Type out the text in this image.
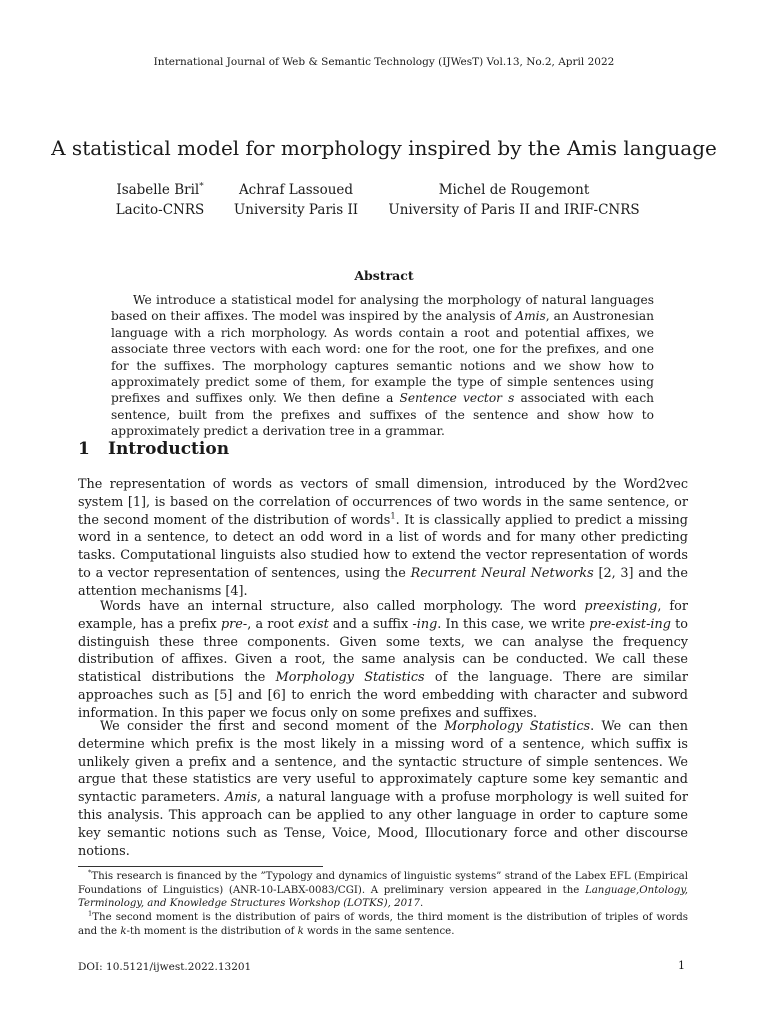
International Journal of Web & Semantic Technology (IJWesT) Vol.13, No.2, April 2022
A statistical model for morphology inspired by the Amis language
Isabelle Bril*
Lacito-CNRS
Achraf Lassoued
University Paris II
Michel de Rougemont
University of Paris II and IRIF-CNRS
Abstract

We introduce a statistical model for analysing the morphology of natural languages based on their affixes. The model was inspired by the analysis of Amis, an Austronesian language with a rich morphology. As words contain a root and potential affixes, we associate three vectors with each word: one for the root, one for the prefixes, and one for the suffixes. The morphology captures semantic notions and we show how to approximately predict some of them, for example the type of simple sentences using prefixes and suffixes only. We then define a Sentence vector s associated with each sentence, built from the prefixes and suffixes of the sentence and show how to approximately predict a derivation tree in a grammar.

1 Introduction

The representation of words as vectors of small dimension, introduced by the Word2vec system [1], is based on the correlation of occurrences of two words in the same sentence, or the second moment of the distribution of words$^1$. It is classically applied to predict a missing word in a sentence, to detect an odd word in a list of words and for many other predicting tasks. Computational linguists also studied how to extend the vector representation of words to a vector representation of sentences, using the Recurrent Neural Networks [2, 3] and the attention mechanisms [4].

Words have an internal structure, also called morphology. The word preexisting, for example, has a prefix pre-, a root exist and a suffix -ing. In this case, we write pre-exist-ing to distinguish these three components. Given some texts, we can analyse the frequency distribution of affixes. Given a root, the same analysis can be conducted. We call these statistical distributions the Morphology Statistics of the language. There are similar approaches such as [5] and [6] to enrich the word embedding with character and subword information. In this paper we focus only on some prefixes and suffixes.

We consider the first and second moment of the Morphology Statistics. We can then determine which prefix is the most likely in a missing word of a sentence, which suffix is unlikely given a prefix and a sentence, and the syntactic structure of simple sentences. We argue that these statistics are very useful to approximately capture some key semantic and syntactic parameters. Amis, a natural language with a profuse morphology is well suited for this analysis. This approach can be applied to any other language in order to capture some key semantic notions such as Tense, Voice, Mood, Illocutionary force and other discourse notions.

*This research is financed by the ”Typology and dynamics of linguistic systems” strand of the Labex EFL (Empirical Foundations of Linguistics) (ANR-10-LABX-0083/CGI). A preliminary version appeared in the Language,Ontology, Terminology, and Knowledge Structures Workshop (LOTKS), 2017.

$^1$The second moment is the distribution of pairs of words, the third moment is the distribution of triples of words and the k-th moment is the distribution of k words in the same sentence.

DOI: 10.5121/ijwest.2022.13201	1
